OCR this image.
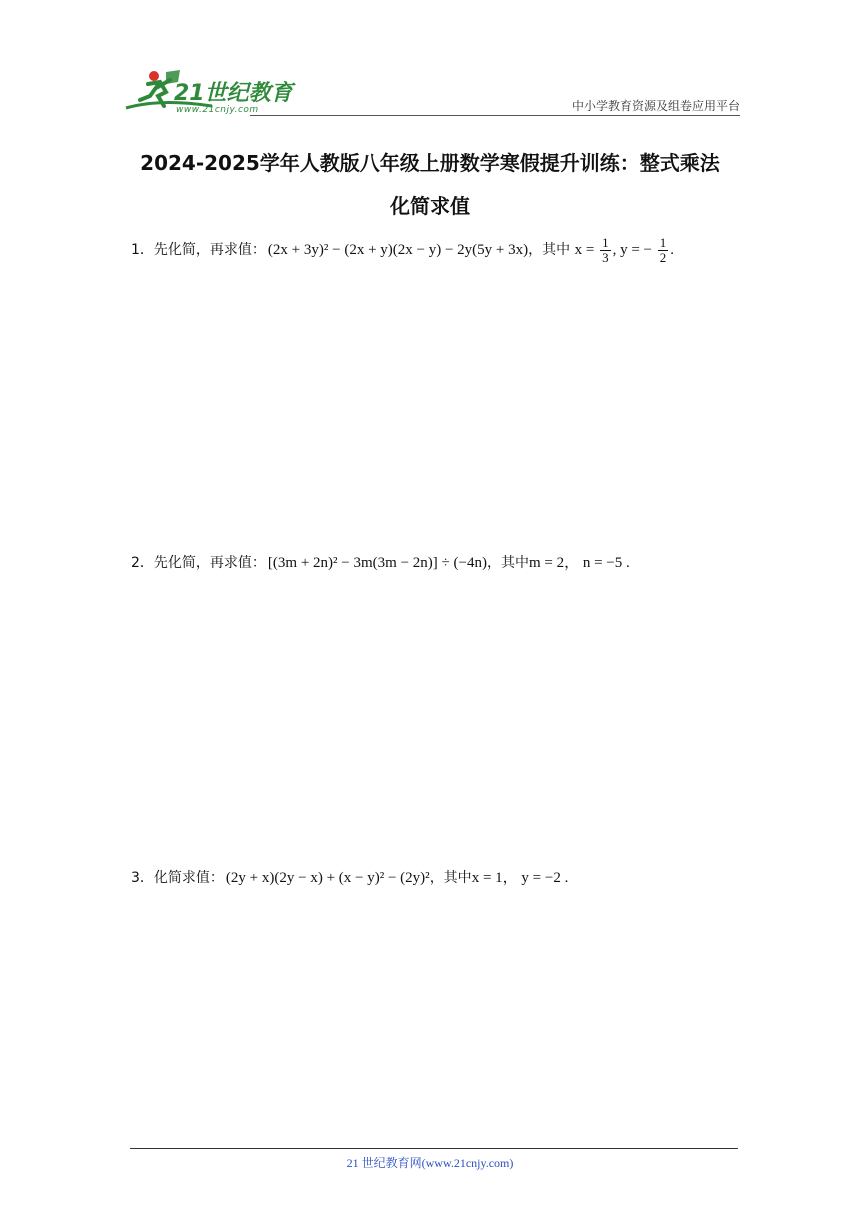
21世纪教育
www.21cnjy.com	中小学教育资源及组卷应用平台
2024-2025学年人教版八年级上册数学寒假提升训练：整式乘法
化简求值
1．先化简，再求值： (2x + 3y)² − (2x + y)(2x − y) − 2y(5y + 3x)，其中 $x = \frac{1}{3}$ , y = − $\frac{1}{2}$ .
2．先化简，再求值： [(3m + 2n)² − 3m(3m − 2n)] ÷ (−4n)，其中m = 2， n = −5 .
3．化简求值： (2y + x)(2y − x) + (x − y)² − (2y)²，其中x = 1， y = −2 .
21 世纪教育网(www.21cnjy.com)
